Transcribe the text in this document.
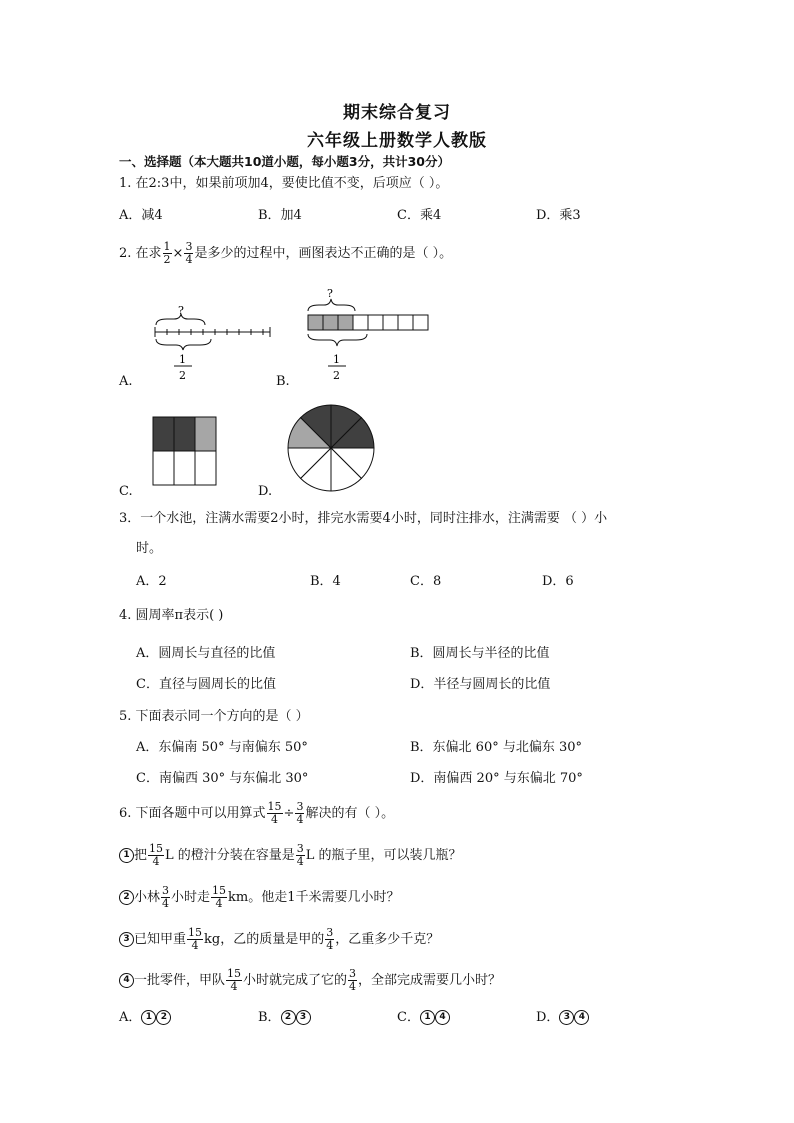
期末综合复习
六年级上册数学人教版
一、选择题（本大题共10道小题，每小题3分，共计30分）
1. 在2:3中，如果前项加4，要使比值不变，后项应（ ）。
A．减4	B．加4	C．乘4	D．乘3
2. 在求 $\frac{1}{2} \times \frac{3}{4}$ 是多少的过程中，画图表达不正确的是（ ）。
?
1
2
A.
?
1
2
B.
C.	D.
3．一个水池，注满水需要2小时，排完水需要4小时，同时注排水，注满需要 （ ）小
时。
A．2	B．4	C．8	D．6
4. 圆周率π表示( )
A．圆周长与直径的比值	B．圆周长与半径的比值
C．直径与圆周长的比值	D．半径与圆周长的比值
5. 下面表示同一个方向的是（ ）
A．东偏南 50° 与南偏东 50°	B．东偏北 60° 与北偏东 30°
C．南偏西 30° 与东偏北 30°	D．南偏西 20° 与东偏北 70°
6. 下面各题中可以用算式 $\frac{15}{4} \div \frac{3}{4}$ 解决的有（ ）。
1 把 $\frac{15}{4}$ L 的橙汁分装在容量是 $\frac{3}{4}$ L 的瓶子里，可以装几瓶？
2 小林 $\frac{3}{4}$ 小时走 $\frac{15}{4}$ km。他走1千米需要几小时？
3 已知甲重 $\frac{15}{4}$ kg，乙的质量是甲的 $\frac{3}{4}$ ，乙重多少千克？
4 一批零件，甲队 $\frac{15}{4}$ 小时就完成了它的 $\frac{3}{4}$ ，全部完成需要几小时？
A． 1 2	B． 2 3	C． 1 4	D． 3 4
